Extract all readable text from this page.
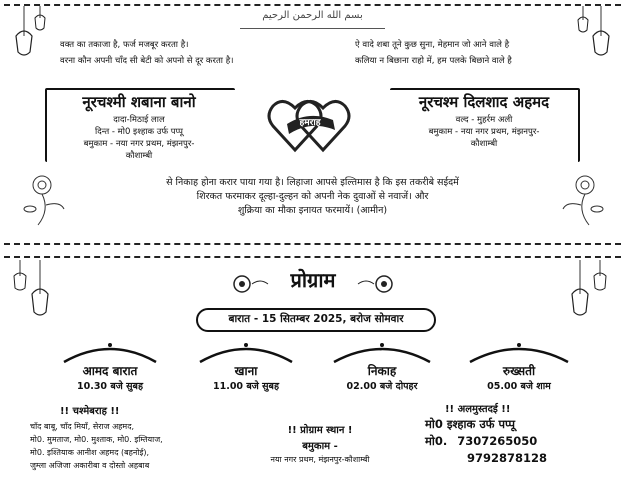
بسم الله الرحمن الرحيم
वक्त का तकाजा है, फर्ज मजबूर करता है।
वरना कौन अपनी चाँद सी बेटी को अपनो से दूर करता है।
ऐ वादे शबा तूने कुछ सुना, मेहमान जो आने वाले है
कलिया न बिछाना राहो में, हम पलके बिछाने वाले है
नूरचश्मी शबाना बानो
दादा-मिठाई लाल
दिन्त - मो0 इश्हाक उर्फ पप्पू
बमुकाम - नया नगर प्रथम, मंझनपुर-
कौशाम्बी
हमराह
नूरचश्म दिलशाद अहमद
वल्द - मुहर्रम अली
बमुकाम - नया नगर प्रथम, मंझनपुर-
कौशाम्बी
से निकाह होना करार पाया गया है। लिहाजा आपसे इल्तिमास है कि इस तकरीबे सईदमें
शिरकत फरमाकर दूल्हा-दुल्हन को अपनी नेक दुवाओं से नवाजें। और
शुक्रिया का मौका इनायत फरमायें। (आमीन)
प्रोग्राम
बारात - 15 सितम्बर 2025, बरोज सोमवार
आमद बारात
10.30 बजे सुबह
खाना
11.00 बजे सुबह
निकाह
02.00 बजे दोपहर
रुख्सती
05.00 बजे शाम
!! चश्मेबराह !!
चाँद बाबू, चाँद मियाँ, सेराज अहमद,
मो0. मुमताज, मो0. मुश्ताक, मो0. इम्तियाज,
मो0. इश्तियाक आनीश अहमद (बहनोई),
जुम्ला अजिजा अकारीबा व दोस्तो अहबाब
!! प्रोग्राम स्थान !
बमुकाम -
नया नगर प्रथम, मंझनपुर-कौशाम्बी
!! अलमुस्तदई !!
मो0 इश्हाक उर्फ पप्पू
मो0. 7307265050
9792878128
